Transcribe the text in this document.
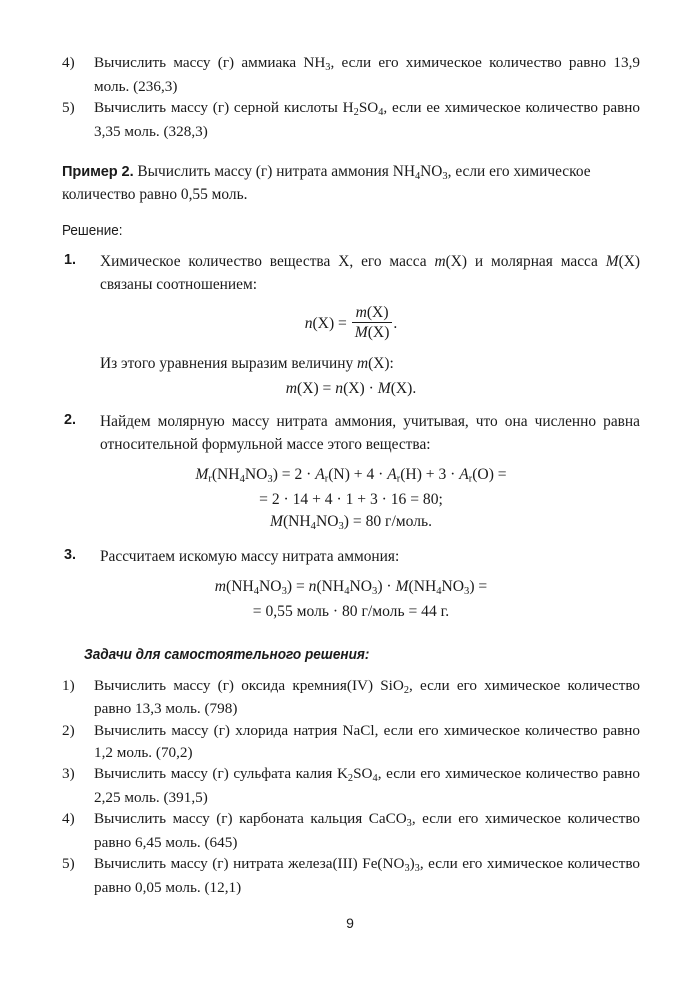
4)	Вычислить массу (г) аммиака $NH_3$, если его химическое количество равно 13,9 моль. (236,3)
5)	Вычислить массу (г) серной кислоты $H_2SO_4$, если ее химическое количество равно 3,35 моль. (328,3)
Пример 2. Вычислить массу (г) нитрата аммония $NH_4NO_3$, если его химическое количество равно 0,55 моль.
Решение:
1. Химическое количество вещества X, его масса m(X) и молярная масса M(X) связаны соотношением:
$n(X) = \frac{m(X)}{M(X)}$ .
Из этого уравнения выразим величину m(X):
m(X) = n(X) · M(X).
2. Найдем молярную массу нитрата аммония, учитывая, что она численно равна относительной формульной массе этого вещества:
$Mr(NH_4NO_3) = 2 \cdot Ar(N) + 4 \cdot Ar(H) + 3 \cdot Ar(O)$ =
= 2 · 14 + 4 · 1 + 3 · 16 = 80;
$M(NH_4NO_3) = 80$ г/моль.
3. Рассчитаем искомую массу нитрата аммония:
$m(NH_4NO_3) = n(NH_4NO_3) \cdot M(NH_4NO_3)$ =
= 0,55 моль · 80 г/моль = 44 г.
Задачи для самостоятельного решения:
1)	Вычислить массу (г) оксида кремния(IV) SiO$_2$, если его химическое количество равно 13,3 моль. (798)
2)	Вычислить массу (г) хлорида натрия NaCl, если его химическое количество равно 1,2 моль. (70,2)
3)	Вычислить массу (г) сульфата калия $K_2SO_4$, если его химическое количество равно 2,25 моль. (391,5)
4)	Вычислить массу (г) карбоната кальция CaCO$_3$, если его химическое количество равно 6,45 моль. (645)
5)	Вычислить массу (г) нитрата железа(III) $Fe(NO_3)_3$, если его химическое количество равно 0,05 моль. (12,1)
9
